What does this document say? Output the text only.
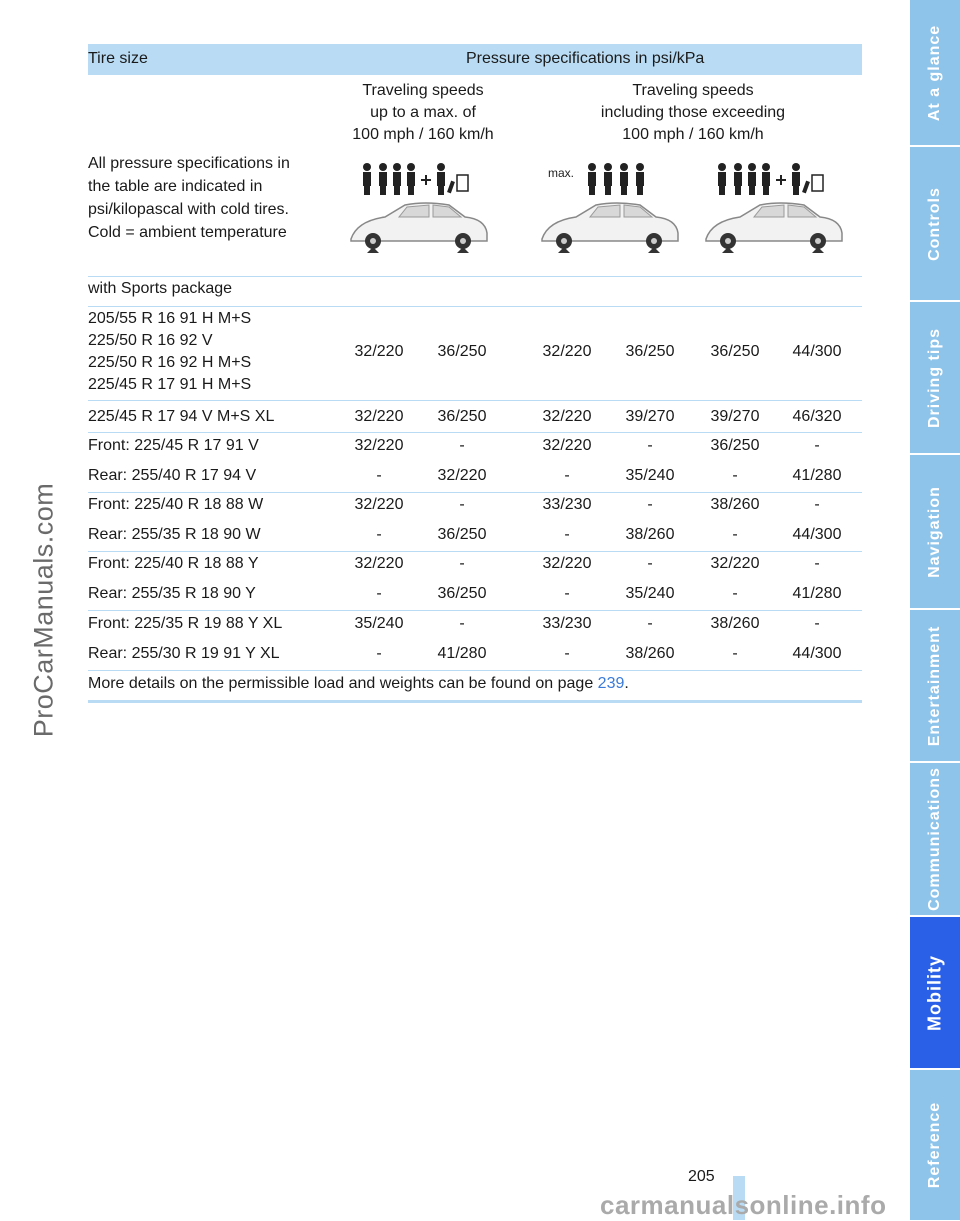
ProCarManuals.com
At a glance
Controls
Driving tips
Navigation
Entertainment
Communications
Mobility
Reference
Tire size	Pressure specifications in psi/kPa
Traveling speeds
up to a max. of
100 mph / 160 km/h
Traveling speeds
including those exceeding
100 mph / 160 km/h
All pressure specifications in
the table are indicated in
psi/kilopascal with cold tires.
Cold = ambient temperature
max.
with Sports package
205/55 R 16 91 H M+S
225/50 R 16 92 V
225/50 R 16 92 H M+S
225/45 R 17 91 H M+S
32/220	36/250	32/220	36/250	36/250	44/300
225/45 R 17 94 V M+S XL	32/220	36/250	32/220	39/270	39/270	46/320
Front: 225/45 R 17 91 V	32/220	-	32/220	-	36/250	-
Rear: 255/40 R 17 94 V	-	32/220	-	35/240	-	41/280
Front: 225/40 R 18 88 W	32/220	-	33/230	-	38/260	-
Rear: 255/35 R 18 90 W	-	36/250	-	38/260	-	44/300
Front: 225/40 R 18 88 Y	32/220	-	32/220	-	32/220	-
Rear: 255/35 R 18 90 Y	-	36/250	-	35/240	-	41/280
Front: 225/35 R 19 88 Y XL	35/240	-	33/230	-	38/260	-
Rear: 255/30 R 19 91 Y XL	-	41/280	-	38/260	-	44/300
More details on the permissible load and weights can be found on page 239.
205
carmanualsonline.info
